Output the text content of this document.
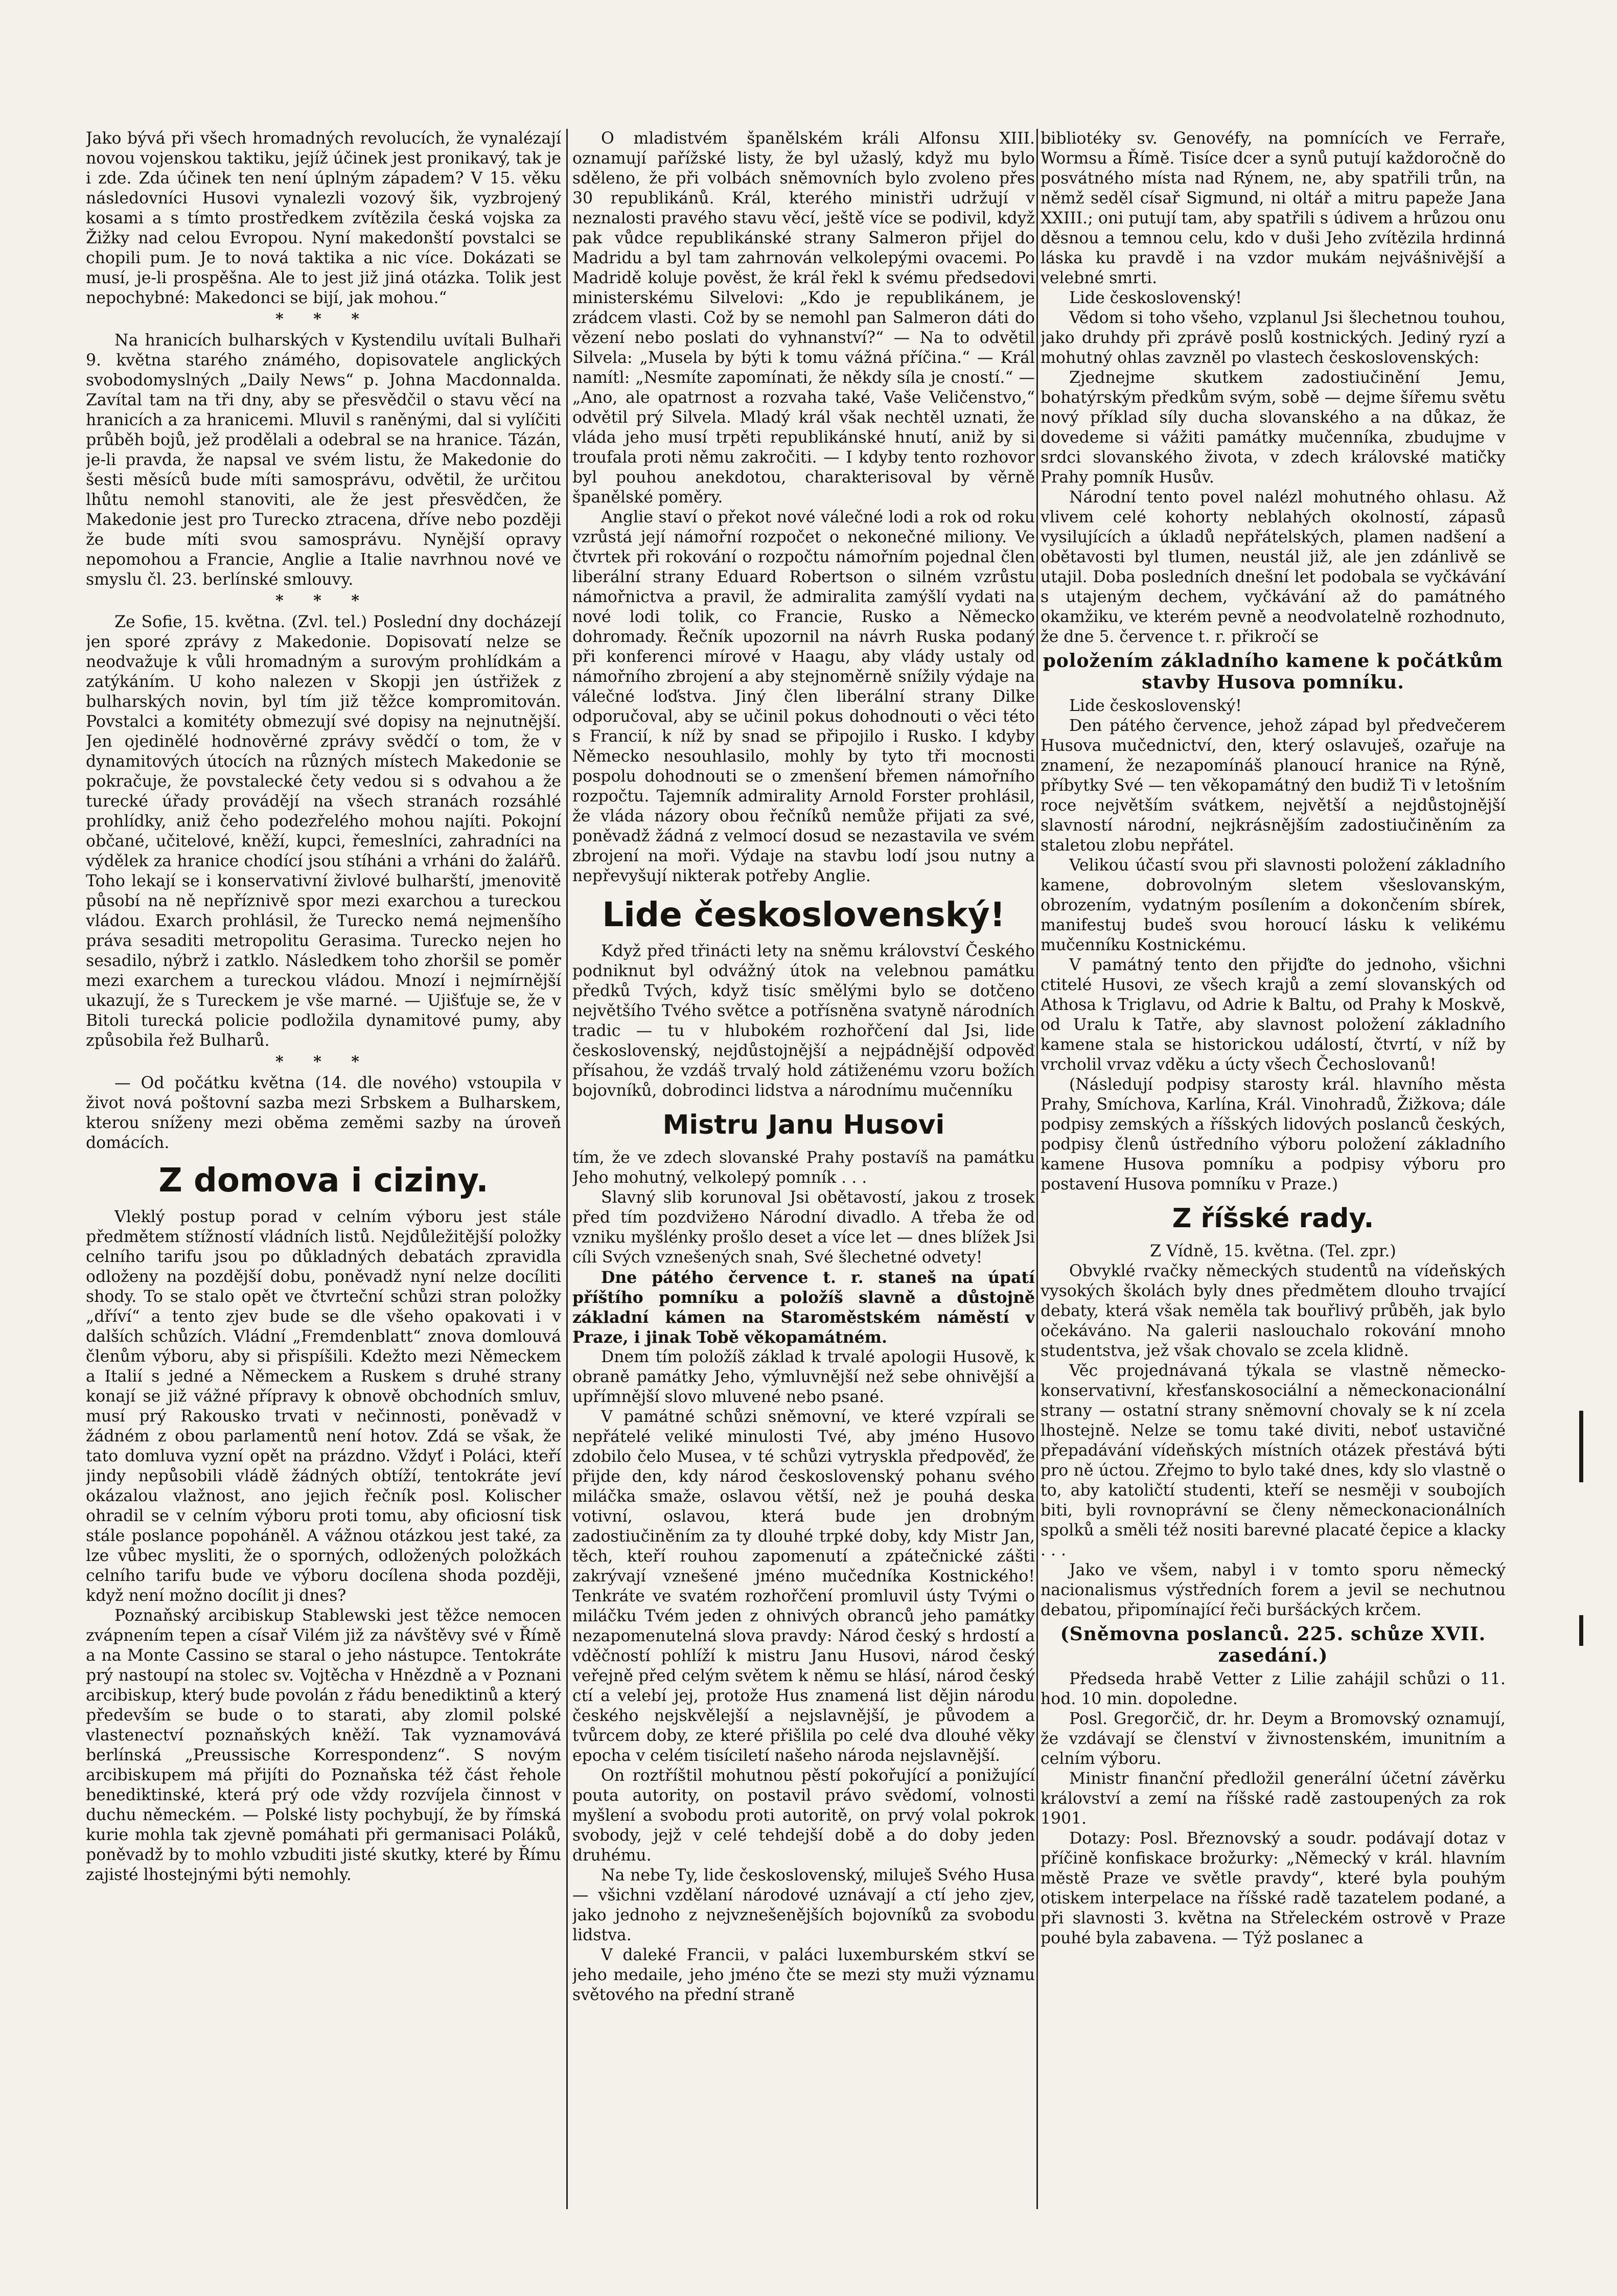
Jako bývá při všech hromadných revolucích, že vynalézají novou vojenskou taktiku, jejíž účinek jest pronikavý, tak je i zde. Zda účinek ten není úplným západem? V 15. věku následovníci Husovi vynalezli vozový šik, vyzbrojený kosami a s tímto prostředkem zvítězila česká vojska za Žižky nad celou Evropou. Nyní makedonští povstalci se chopili pum. Je to nová taktika a nic více. Dokázati se musí, je-li prospěšna. Ale to jest již jiná otázka. Tolik jest nepochybné: Makedonci se bijí, jak mohou.“

* * *

Na hranicích bulharských v Kystendilu uvítali Bulhaři 9. května starého známého, dopisovatele anglických svobodomyslných „Daily News“ p. Johna Macdonnalda. Zavítal tam na tři dny, aby se přesvědčil o stavu věcí na hranicích a za hranicemi. Mluvil s raněnými, dal si vylíčiti průběh bojů, jež prodělali a odebral se na hranice. Tázán, je-li pravda, že napsal ve svém listu, že Makedonie do šesti měsíců bude míti samosprávu, odvětil, že určitou lhůtu nemohl stanoviti, ale že jest přesvědčen, že Makedonie jest pro Turecko ztracena, dříve nebo později že bude míti svou samosprávu. Nynější opravy nepomohou a Francie, Anglie a Italie navrhnou nové ve smyslu čl. 23. berlínské smlouvy.

* * *

Ze Sofie, 15. května. (Zvl. tel.) Poslední dny docházejí jen sporé zprávy z Makedonie. Dopisovatí nelze se neodvažuje k vůli hromadným a surovým prohlídkám a zatýkáním. U koho nalezen v Skopji jen ústřižek z bulharských novin, byl tím již těžce kompromitován. Povstalci a komitéty obmezují své dopisy na nejnutnější. Jen ojedinělé hodnověrné zprávy svědčí o tom, že v dynamitových útocích na různých místech Makedonie se pokračuje, že povstalecké čety vedou si s odvahou a že turecké úřady provádějí na všech stranách rozsáhlé prohlídky, aniž čeho podezřelého mohou najíti. Pokojní občané, učitelové, kněží, kupci, řemeslníci, zahradníci na výdělek za hranice chodící jsou stíháni a vrháni do žalářů. Toho lekají se i konservativní živlové bulharští, jmenovitě působí na ně nepříznivě spor mezi exarchou a tureckou vládou. Exarch prohlásil, že Turecko nemá nejmenšího práva sesaditi metropolitu Gerasima. Turecko nejen ho sesadilo, nýbrž i zatklo. Následkem toho zhoršil se poměr mezi exarchem a tureckou vládou. Mnozí i nejmírnější ukazují, že s Tureckem je vše marné. — Ujišťuje se, že v Bitoli turecká policie podložila dynamitové pumy, aby způsobila řež Bulharů.

* * *

— Od počátku května (14. dle nového) vstoupila v život nová poštovní sazba mezi Srbskem a Bulharskem, kterou sníženy mezi oběma zeměmi sazby na úroveň domácích.

Z domova i ciziny.

Vleklý postup porad v celním výboru jest stále předmětem stížností vládních listů. Nejdůležitější položky celního tarifu jsou po důkladných debatách zpravidla odloženy na pozdější dobu, poněvadž nyní nelze docíliti shody. To se stalo opět ve čtvrteční schůzi stran položky „dříví“ a tento zjev bude se dle všeho opakovati i v dalších schůzích. Vládní „Fremdenblatt“ znova domlouvá členům výboru, aby si přispíšili. Kdežto mezi Německem a Italií s jedné a Německem a Ruskem s druhé strany konají se již vážné přípravy k obnově obchodních smluv, musí prý Rakousko trvati v nečinnosti, poněvadž v žádném z obou parlamentů není hotov. Zdá se však, že tato domluva vyzní opět na prázdno. Vždyť i Poláci, kteří jindy nepůsobili vládě žádných obtíží, tentokráte jeví okázalou vlažnost, ano jejich řečník posl. Kolischer ohradil se v celním výboru proti tomu, aby oficiosní tisk stále poslance popoháněl. A vážnou otázkou jest také, za lze vůbec mysliti, že o sporných, odložených položkách celního tarifu bude ve výboru docílena shoda později, když není možno docílit ji dnes?

Poznaňský arcibiskup Stablewski jest těžce nemocen zvápnením tepen a císař Vilém již za návštěvy své v Římě a na Monte Cassino se staral o jeho nástupce. Tentokráte prý nastoupí na stolec sv. Vojtěcha v Hnězdně a v Poznani arcibiskup, který bude povolán z řádu benediktinů a který především se bude o to starati, aby zlomil polské vlastenectví poznaňských kněží. Tak vyznamovává berlínská „Preussische Korrespondenz“. S novým arcibiskupem má přijíti do Poznaňska též část řehole benediktinské, která prý ode vždy rozvíjela činnost v duchu německém. — Polské listy pochybují, že by římská kurie mohla tak zjevně pomáhati při germanisaci Poláků, poněvadž by to mohlo vzbuditi jisté skutky, které by Římu zajisté lhostejnými býti nemohly.

O mladistvém španělském králi Alfonsu XIII. oznamují pařížské listy, že byl užaslý, když mu bylo sděleno, že při volbách sněmovních bylo zvoleno přes 30 republikánů. Král, kterého ministři udržují v neznalosti pravého stavu věcí, ještě více se podivil, když pak vůdce republikánské strany Salmeron přijel do Madridu a byl tam zahrnován velkolepými ovacemi. Po Madridě koluje pověst, že král řekl k svému předsedovi ministerskému Silvelovi: „Kdo je republikánem, je zrádcem vlasti. Což by se nemohl pan Salmeron dáti do vězení nebo poslati do vyhnanství?“ — Na to odvětil Silvela: „Musela by býti k tomu vážná příčina.“ — Král namítl: „Nesmíte zapomínati, že někdy síla je cností.“ — „Ano, ale opatrnost a rozvaha také, Vaše Veličenstvo,“ odvětil prý Silvela. Mladý král však nechtěl uznati, že vláda jeho musí trpěti republikánské hnutí, aniž by si troufala proti němu zakročiti. — I kdyby tento rozhovor byl pouhou anekdotou, charakterisoval by věrně španělské poměry.

Anglie staví o překot nové válečné lodi a rok od roku vzrůstá její námořní rozpočet o nekonečné miliony. Ve čtvrtek při rokování o rozpočtu námořním pojednal člen liberální strany Eduard Robertson o silném vzrůstu námořnictva a pravil, že admiralita zamýšlí vydati na nové lodi tolik, co Francie, Rusko a Německo dohromady. Řečník upozornil na návrh Ruska podaný při konferenci mírové v Haagu, aby vlády ustaly od námořního zbrojení a aby stejnoměrně snížily výdaje na válečné loďstva. Jiný člen liberální strany Dilke odporučoval, aby se učinil pokus dohodnouti o věci této s Francií, k níž by snad se připojilo i Rusko. I kdyby Německo nesouhlasilo, mohly by tyto tři mocnosti pospolu dohodnouti se o zmenšení břemen námořního rozpočtu. Tajemník admirality Arnold Forster prohlásil, že vláda názory obou řečníků nemůže přijati za své, poněvadž žádná z velmocí dosud se nezastavila ve svém zbrojení na moři. Výdaje na stavbu lodí jsou nutny a nepřevyšují nikterak potřeby Anglie.

Lide československý!

Když před třinácti lety na sněmu království Českého podniknut byl odvážný útok na velebnou památku předků Tvých, když tisíc smělými bylo se dotčeno největšího Tvého světce a potřísněna svatyně národních tradic — tu v hlubokém rozhořčení dal Jsi, lide československý, nejdůstojnější a nejpádnější odpověď přísahou, že vzdáš trvalý hold zátiženému vzoru božích bojovníků, dobrodinci lidstva a národnímu mučenníku

Mistru Janu Husovi

tím, že ve zdech slovanské Prahy postavíš na památku Jeho mohutný, velkolepý pomník . . .

Slavný slib korunoval Jsi obětavostí, jakou z trosek před tím pozdvižено Národní divadlo. A třeba že od vzniku myšlénky prošlo deset a více let — dnes blížek Jsi cíli Svých vznešených snah, Své šlechetné odvety!

Dne pátého července t. r. staneš na úpatí příštího pomníku a položíš slavně a důstojně základní kámen na Staroměstském náměstí v Praze, i jinak Tobě věkopamátném.

Dnem tím položíš základ k trvalé apologii Husově, k obraně památky Jeho, výmluvnější než sebe ohnivější a upřímnější slovo mluvené nebo psané.

V památné schůzi sněmovní, ve které vzpírali se nepřátelé veliké minulosti Tvé, aby jméno Husovo zdobilo čelo Musea, v té schůzi vytryskla předpověď, že přijde den, kdy národ československý pohanu svého miláčka smaže, oslavou větší, než je pouhá deska votivní, oslavou, která bude jen drobným zadostiučiněním za ty dlouhé trpké doby, kdy Mistr Jan, těch, kteří rouhou zapomenutí a zpátečnické zášti zakrývají vznešené jméno mučedníka Kostnického! Tenkráte ve svatém rozhořčení promluvil ústy Tvými o miláčku Tvém jeden z ohnivých obranců jeho památky nezapomenutelná slova pravdy: Národ český s hrdostí a vděčností pohlíží k mistru Janu Husovi, národ český veřejně před celým světem k němu se hlásí, národ český ctí a velebí jej, protože Hus znamená list dějin národu českého nejskvělejší a nejslavnější, je původem a tvůrcem doby, ze které přišlila po celé dva dlouhé věky epocha v celém tisíciletí našeho národa nejslavnější.

On roztříštil mohutnou pěstí pokořující a ponižující pouta autority, on postavil právo svědomí, volnosti myšlení a svobodu proti autoritě, on prvý volal pokrok svobody, jejž v celé tehdejší době a do doby jeden druhému.

Na nebe Ty, lide československý, miluješ Svého Husa — všichni vzdělaní národové uznávají a ctí jeho zjev, jako jednoho z nejvznešenějších bojovníků za svobodu lidstva.

V daleké Francii, v paláci luxemburském stkví se jeho medaile, jeho jméno čte se mezi sty muži významu světového na přední straně

bibliotéky sv. Genovéfy, na pomnících ve Ferraře, Wormsu a Římě. Tisíce dcer a synů putují každoročně do posvátného místa nad Rýnem, ne, aby spatřili trůn, na němž seděl císař Sigmund, ni oltář a mitru papeže Jana XXIII.; oni putují tam, aby spatřili s údivem a hrůzou onu děsnou a temnou celu, kdo v duši Jeho zvítězila hrdinná láska ku pravdě i na vzdor mukám nejvášnivější a velebné smrti.

Lide československý!

Vědom si toho všeho, vzplanul Jsi šlechetnou touhou, jako druhdy při zprávě poslů kostnických. Jediný ryzí a mohutný ohlas zavzněl po vlastech československých:

Zjednejme skutkem zadostiučinění Jemu, bohatýrským předkům svým, sobě — dejme šířemu světu nový příklad síly ducha slovanského a na důkaz, že dovedeme si vážiti památky mučenníka, zbudujme v srdci slovanského života, v zdech královské matičky Prahy pomník Husův.

Národní tento povel nalézl mohutného ohlasu. Až vlivem celé kohorty neblahých okolností, zápasů vysilujících a úkladů nepřátelských, plamen nadšení a obětavosti byl tlumen, neustál již, ale jen zdánlivě se utajil. Doba posledních dnešní let podobala se vyčkávání s utajeným dechem, vyčkávání až do památného okamžiku, ve kterém pevně a neodvolatelně rozhodnuto, že dne 5. července t. r. přikročí se

položením základního kamene k počátkům stavby Husova pomníku.

Lide československý!

Den pátého července, jehož západ byl předvečerem Husova mučednictví, den, který oslavuješ, ozařuje na znamení, že nezapomínáš planoucí hranice na Rýně, příbytky Své — ten věkopamátný den budiž Ti v letošním roce největším svátkem, největší a nejdůstojnější slavností národní, nejkrásnějším zadostiučiněním za staletou zlobu nepřátel.

Velikou účastí svou při slavnosti položení základního kamene, dobrovolným sletem všeslovanským, obrozením, vydatným posílením a dokončením sbírek, manifestuj budeš svou horoucí lásku k velikému mučenníku Kostnickému.

V památný tento den přijďte do jednoho, všichni ctitelé Husovi, ze všech krajů a zemí slovanských od Athosa k Triglavu, od Adrie k Baltu, od Prahy k Moskvě, od Uralu k Tatře, aby slavnost položení základního kamene stala se historickou událostí, čtvrtí, v níž by vrcholil vrvaz vděku a úcty všech Čechoslovanů!

(Následují podpisy starosty král. hlavního města Prahy, Smíchova, Karlína, Král. Vinohradů, Žižkova; dále podpisy zemských a říšských lidových poslanců českých, podpisy členů ústředního výboru položení základního kamene Husova pomníku a podpisy výboru pro postavení Husova pomníku v Praze.)

Z říšské rady.

Z Vídně, 15. května. (Tel. zpr.)

Obvyklé rvačky německých studentů na vídeňských vysokých školách byly dnes předmětem dlouho trvající debaty, která však neměla tak bouřlivý průběh, jak bylo očekáváno. Na galerii naslouchalo rokování mnoho studentstva, jež však chovalo se zcela klidně.

Věc projednávaná týkala se vlastně německo-konservativní, křesťanskosociální a německonacionální strany — ostatní strany sněmovní chovaly se k ní zcela lhostejně. Nelze se tomu také diviti, neboť ustavičné přepadávání vídeňských místních otázek přestává býti pro ně úctou. Zřejmo to bylo také dnes, kdy slo vlastně o to, aby katoličtí studenti, kteří se nesměji v soubojích biti, byli rovnoprávní se členy německonacionálních spolků a směli též nositi barevné placaté čepice a klacky . . .

Jako ve všem, nabyl i v tomto sporu německý nacionalismus výstředních forem a jevil se nechutnou debatou, připomínající řeči buršáckých krčem.

(Sněmovna poslanců. 225. schůze XVII. zasedání.)

Předseda hrabě Vetter z Lilie zahájil schůzi o 11. hod. 10 min. dopoledne.

Posl. Gregorčič, dr. hr. Deym a Bromovský oznamují, že vzdávají se členství v živnostenském, imunitním a celním výboru.

Ministr finanční předložil generální účetní závěrku království a zemí na říšské radě zastoupených za rok 1901.

Dotazy: Posl. Březnovský a soudr. podávají dotaz v příčině konfiskace brožurky: „Německý v král. hlavním městě Praze ve světle pravdy“, které byla pouhým otiskem interpelace na říšské radě tazatelem podané, a při slavnosti 3. května na Střeleckém ostrově v Praze pouhé byla zabavena. — Týž poslanec a
